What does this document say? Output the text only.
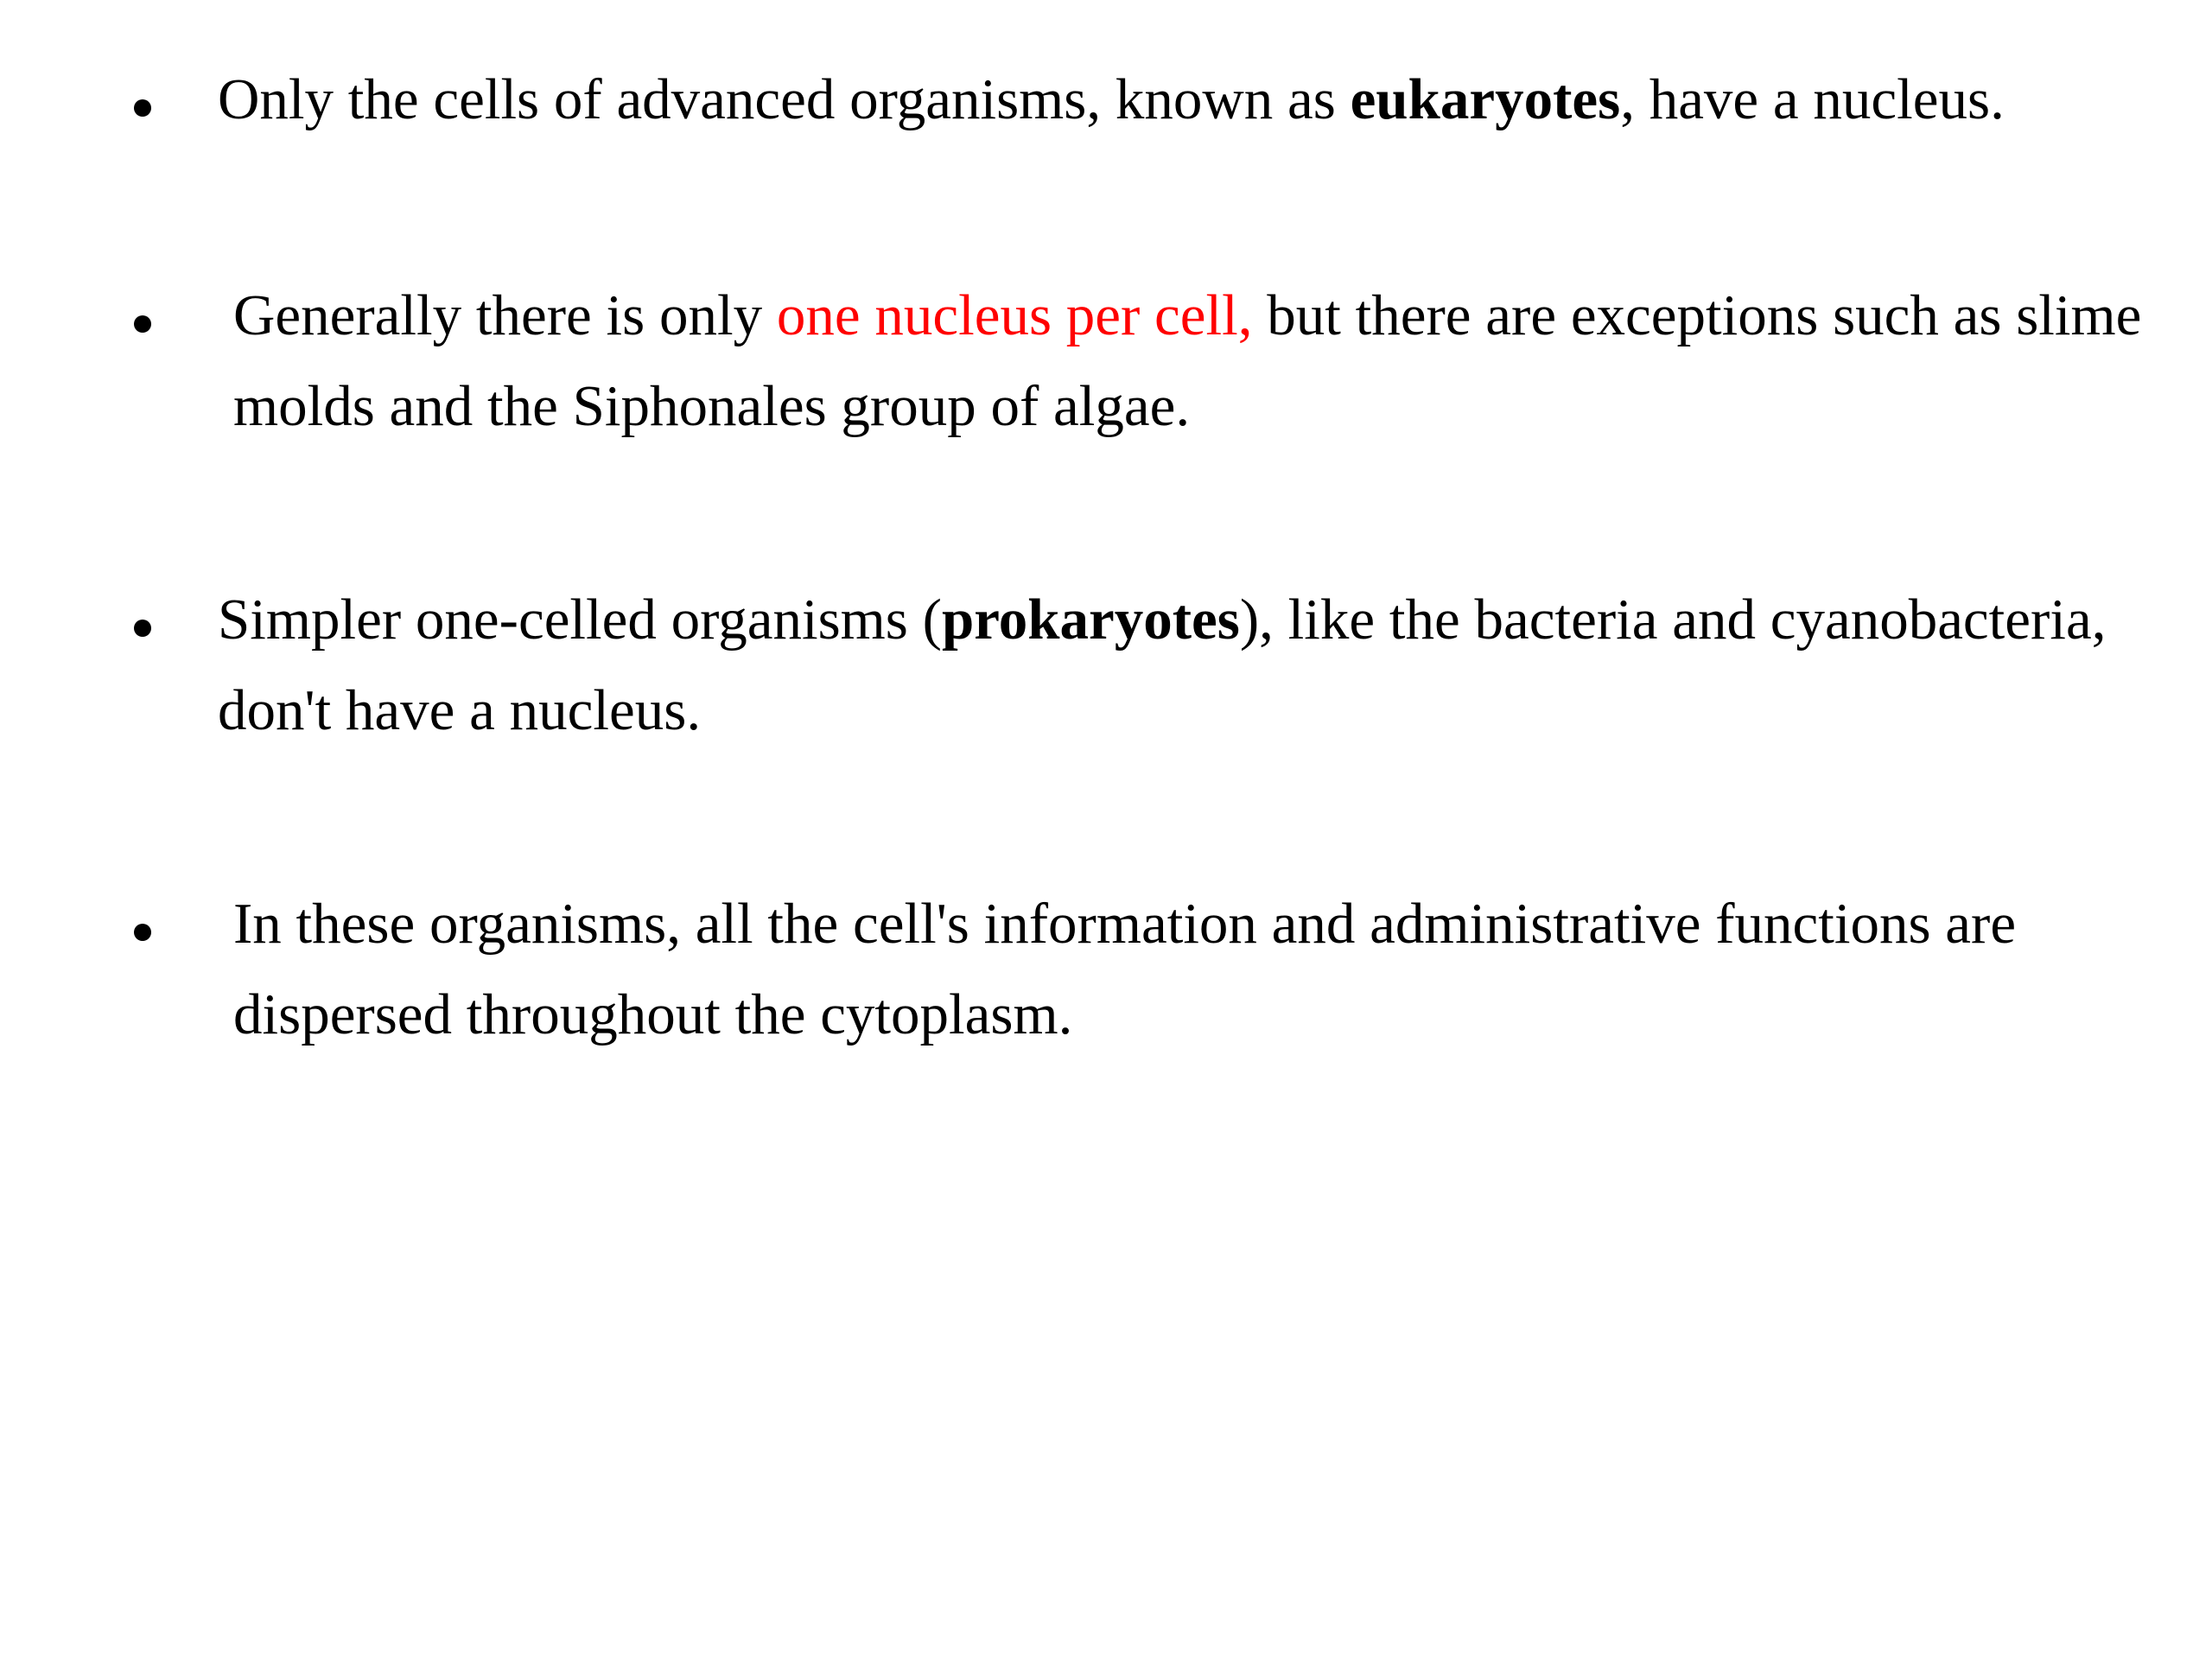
Only the cells of advanced organisms, known as eukaryotes, have a nucleus.
Generally there is only one nucleus per cell, but there are exceptions such as slime molds and the Siphonales group of algae.
Simpler one-celled organisms (prokaryotes), like the bacteria and cyanobacteria, don't have a nucleus.
In these organisms, all the cell's information and administrative functions are dispersed throughout the cytoplasm.
